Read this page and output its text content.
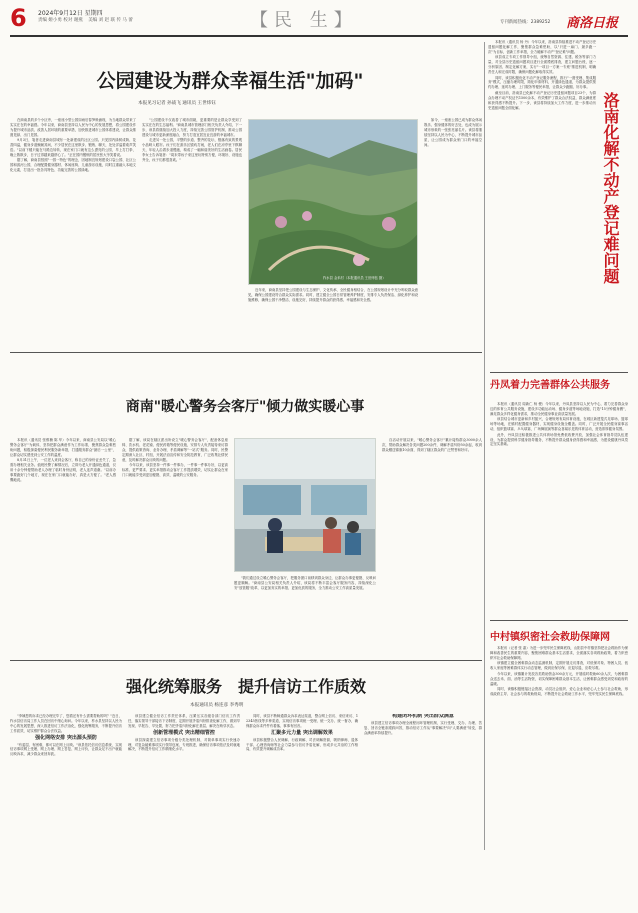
6 2024年9月12日 星期四
责编 姬小勇 校对 谢燕 美编 刘 赵 联 传 马 蕾	【民 生】	专刊新闻热线：2389252 商洛日报
公园建设为群众幸福生活"加码"
本报见习记者 孙战飞 通讯员 王世炜钰

在商南县的多个小区旁，一座座小型公园如雨后春笋般涌现，为当地群众带来了实实在在的幸福感。今年以来，商南县坚持以人民为中心的发展思想，将公园建设作为提升城市品质、改善人居环境的重要举措，加快推进城市公园体系建设，让群众推窗见绿、出门见园。

9月3日，笔者走进商南县城东一处新建成的社区公园。只见园内绿树成荫、花香四溢，健身步道蜿蜒其间，不少居民在这里散步、锻炼、聊天，处处洋溢着欢声笑语。"以前下楼只能在马路边转转，现在家门口就有这么漂亮的公园，早上打打拳、晚上散散步，日子过得越来越舒心了。"正在园内锻炼的居民张大爷笑着说。

据了解，商南县按照"一园一特色"的理念，因地制宜规划建设口袋公园、社区公园和滨河公园，合理配置健身器材、休闲座椅、儿童游乐设施，同时注重融入本地文化元素，打造出一批各具特色、功能完善的公园绿地。

"公园建设不仅改善了城市面貌，更重要的是让群众享受到了实实在在的生态福利。"商南县城市管理部门相关负责人介绍，下一步，该县将继续加大投入力度，持续完善公园管护机制，推动公园建设与城市更新深度融合，努力打造宜居宜业宜游的幸福城市。

走进另一处公园，平整的步道、整齐的花坛、错落有致的景观小品映入眼帘。孩子们在游乐区嬉戏打闹，老人们在凉亭里下棋聊天，年轻人沿着步道慢跑，构成了一幅和谐美好的生活画卷。居民李女士告诉笔者："周末带孩子来这里玩特别方便，环境好、设施也齐全，孩子们都很喜欢。"

柞水县 金米村（本报通讯员 王世炜钰 摄）

近年来，商南县坚持把公园建设与生态保护、文化传承、全民健身相结合，在公园规划设计中充分听取群众意见，确保公园建设符合群众实际需求。同时，建立健全公园日常管理养护制度，安排专人负责保洁、绿化养护和设施维修，确保公园干净整洁、设施完好，持续提升群众的获得感、幸福感和安全感。

如今，一座座公园已成为群众休闲娱乐、强身健体的好去处，也成为展示城市形象的一张张亮丽名片。该县将继续坚持以人民为中心，不断提升城市品质，让公园成为群众家门口的幸福空间。	洛南化解
不动产
登记难
问题

本报讯（通讯员 杨 丹）今年以来，洛南县持续推进不动产登记历史遗留问题化解工作，聚焦群众急难愁盼，以"只进一扇门、最多跑一次"为目标，创新工作举措，全力破解不动产"登记难"问题。

该县成立专项工作领导小组，统筹自然资源、住建、税务等部门力量，对全县历史遗留问题项目进行全面摸底排查，建立问题台账，逐一分析原因、制定化解方案，实行"一项目一方案一专班"推进机制，明确责任人和完成时限，确保问题化解取得实效。

同时，该县积极优化不动产登记服务流程，推行"一窗受理、集成服务"模式，压缩办理时限，简化申请材料，开通绿色通道，为群众提供预约办理、延时办理、上门服务等便民举措，让群众少跑腿、好办事。

截至目前，洛南县已化解不动产登记历史遗留问题项目23个，为群众办理不动产权证书1500余本，有效维护了群众合法权益，群众满意度和获得感不断提升。下一步，该县将持续加大工作力度，进一步推动历史遗留问题全面化解。

丹凤着力完善群体公共服务

本报讯（通讯员 周新仁 杨 俊）今年以来，丹凤县坚持以人民为中心，着力完善群众身边的体育公共服务设施，建设多功能运动场、健身步道等场地设施，打造"15分钟健身圈"，满足群众多样化健身需求，推动全民健身事业高质量发展。

该县结合城市更新和乡村振兴，合理规划布局体育设施，在城区新建笼式足球场、篮球场等场地，在镇村配置健身器材，实现健身设施全覆盖。同时，广泛开展全民健身赛事活动，组织篮球赛、乒乓球赛、广场舞展演等群众喜闻乐见的体育活动，营造浓厚健身氛围。

此外，丹凤县还积极推进公共体育场馆免费低收费开放，加强社会体育指导员队伍建设，为群众提供科学健身指导服务，不断提升群众健身获得感和幸福感，为建设健康丹凤奠定坚实基础。

商南"暖心警务会客厅"倾力做实暖心事

本报讯（通讯员 张维楠 陈 华）今年以来，商南县公安局以"暖心警务会客厅"为载体，坚持把群众满意作为工作标准，聚焦群众急难愁盼问题，积极探索便民利民服务新举措，打通服务群众"最后一公里"，让群众切实感受到公安工作的温度。

8月31日上午，一位老人来到会客厅，称自己的身份证丢失了，急需办理相关业务。值班民警了解情况后，立即为老人开通绿色通道，仅用十余分钟便帮助老人办理了临时身份证明，老人连声道谢。"以前办事要跑好几个地方，现在在家门口就能办好，真是太方便了。"老人感慨地说。

据了解，该局在辖区派出所设立"暖心警务会客厅"，配备休息座椅、饮水机、老花镜、便民药箱等便民设施，安排专人负责接待来访群众，提供政策咨询、业务办理、矛盾调解等"一站式"服务。同时，民警定期深入社区、村组，开展法治宣传和安全防范教育，广泛收集社情民意，及时解决群众反映的问题。

今年以来，该县坚持一件事一件事办，一件事一件事办好，以更高标准、更严要求、更实举措推动会客厅工作提质增效，切实让群众在家门口就能享受到更加便捷、高效、温暖的公安服务。

"我们通过设立暖心警务会客厅，把服务窗口前移到群众身边，让群众办事更便捷、反映问题更顺畅。"商南县公安局相关负责人介绍，该局将不断丰富会客厅服务内容，持续深化公安"放管服"改革，以更加务实的举措、更加优质的服务，全力推动公安工作高质量发展。

自活动开展以来，"暖心警务会客厅"累计接待群众3000余人次，帮助群众解决各类问题200余件，调解矛盾纠纷50余起，收到群众赠送锦旗10余面，得到了辖区群众的广泛赞誉和好评。

强化统筹服务　提升信访工作质效
本报通讯员 杨连彦 李秀明

"李姨您的诉求已经办理完毕了，您看还有什么需要帮助的吗？"近日，柞水县信访局工作人员在回访中细心询问。今年以来，柞水县坚持以人民为中心的发展思想，深入推进信访工作法治化，强化统筹服务，不断提升信访工作质效，切实维护群众合法权益。

强化网络安排 突出源头预防

"有委屈、有困难，都可以在网上反映。"该县依托信访信息系统，实现信访事项网上受理、网上办理、网上答复、网上评价，让群众足不出户就能反映诉求，减少群众来回奔波。

该县建立健全信访工作责任体系，压紧压实各级各部门信访工作责任，落实领导干部接访下访制度，定期开展矛盾纠纷排查化解工作，做到早发现、早报告、早处置，努力把矛盾纠纷化解在基层、解决在萌芽状态。

创新管理模式 突出精细管控

该县探索建立信访事项分级分类处理机制，对简单事项实行快速办理，对复杂疑难事项实行领导包案、专班推进，确保信访事项依法及时就地解决，不断提升信访工作精细化水平。

同时，该县不断畅通群众诉求表达渠道，整合网上信访、来信来访、12345热线等多种渠道，实现信访事项统一受理、统一交办、统一督办，确保群众诉求件件有着落、事事有回音。

汇聚多元力量 突出调解效果

该县积极整合人民调解、行政调解、司法调解资源，吸纳律师、退休干部、心理咨询师等社会力量参与信访矛盾化解，形成多元共治的工作格局，有效提升调解成功率。

构建闭环机制 突出群众满意

该县建立信访事项办理全流程闭环管理机制，实行受理、交办、办理、答复、回访全链条跟踪问效，推动信访工作从"事要解决"向"人要满意"转变，群众满意率持续提升。

中村镇织密社会救助保障网

本报讯（记者 张 嘉）为进一步兜牢民生保障底线，山阳县中村镇坚持把社会救助作为保障和改善民生的重要内容，聚焦困难群众基本生活需求，全面落实各项救助政策，着力织密织牢社会救助保障网。

该镇建立健全困难群众动态监测机制，定期开展走访排查，对低保对象、特困人员、低收入家庭等困难群体实行动态管理，做到应保尽保、应退尽退、应救尽救。

今年以来，该镇累计发放各类救助资金300余万元，开展临时救助60余人次，为困难群众送去米、面、油等生活物资，切实保障困难群众基本生活，让困难群众感受到党和政府的温暖。

同时，该镇积极链接社会资源，动员社会组织、爱心企业和爱心人士参与社会救助，形成政府主导、社会参与的救助格局，不断提升社会救助工作水平，兜牢兜实民生保障底线。
